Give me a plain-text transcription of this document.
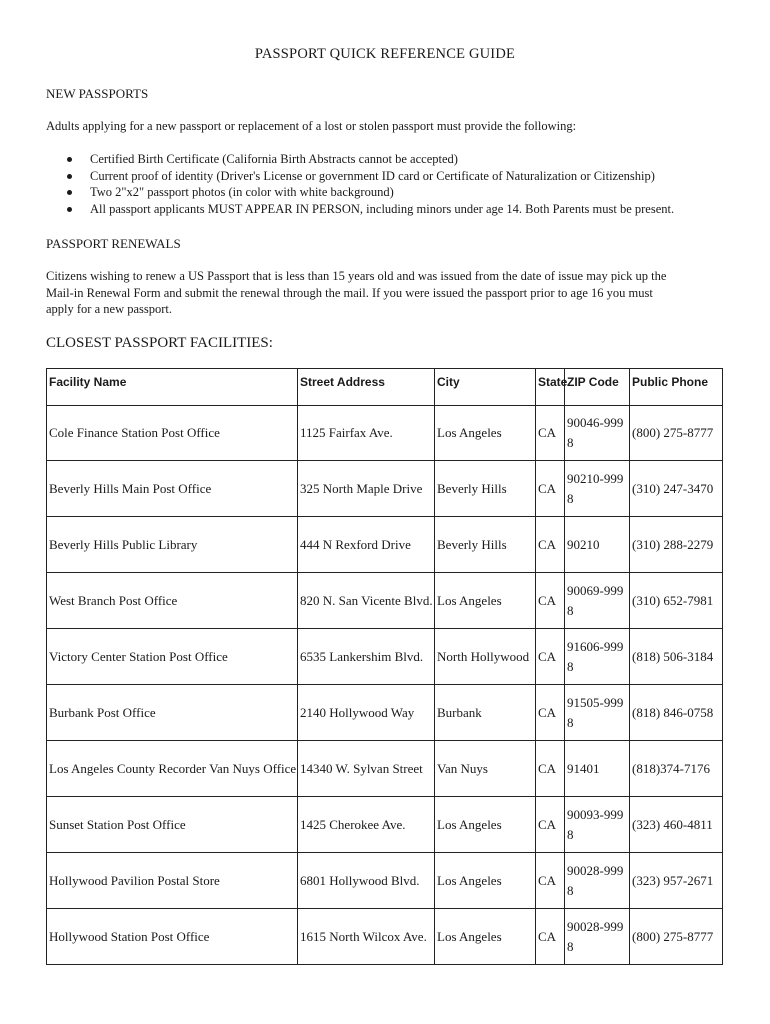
PASSPORT QUICK REFERENCE GUIDE
NEW PASSPORTS
Adults applying for a new passport or replacement of a lost or stolen passport must provide the following:
Certified Birth Certificate (California Birth Abstracts cannot be accepted)
Current proof of identity (Driver's License or government ID card or Certificate of Naturalization or Citizenship)
Two 2"x2" passport photos (in color with white background)
All passport applicants MUST APPEAR IN PERSON, including minors under age 14. Both Parents must be present.
PASSPORT RENEWALS
Citizens wishing to renew a US Passport that is less than 15 years old and was issued from the date of issue may pick up the
Mail-in Renewal Form and submit the renewal through the mail. If you were issued the passport prior to age 16 you must
apply for a new passport.
CLOSEST PASSPORT FACILITIES:
Facility Name	Street Address	City	State	ZIP Code	Public Phone
Cole Finance Station Post Office	1125 Fairfax Ave.	Los Angeles	CA	90046-9998	(800) 275-8777
Beverly Hills Main Post Office	325 North Maple Drive	Beverly Hills	CA	90210-9998	(310) 247-3470
Beverly Hills Public Library	444 N Rexford Drive	Beverly Hills	CA	90210	(310) 288-2279
West Branch Post Office	820 N. San Vicente Blvd.	Los Angeles	CA	90069-9998	(310) 652-7981
Victory Center Station Post Office	6535 Lankershim Blvd.	North Hollywood	CA	91606-9998	(818) 506-3184
Burbank Post Office	2140 Hollywood Way	Burbank	CA	91505-9998	(818) 846-0758
Los Angeles County Recorder Van Nuys Office	14340 W. Sylvan Street	Van Nuys	CA	91401	(818)374-7176
Sunset Station Post Office	1425 Cherokee Ave.	Los Angeles	CA	90093-9998	(323) 460-4811
Hollywood Pavilion Postal Store	6801 Hollywood Blvd.	Los Angeles	CA	90028-9998	(323) 957-2671
Hollywood Station Post Office	1615 North Wilcox Ave.	Los Angeles	CA	90028-9998	(800) 275-8777
